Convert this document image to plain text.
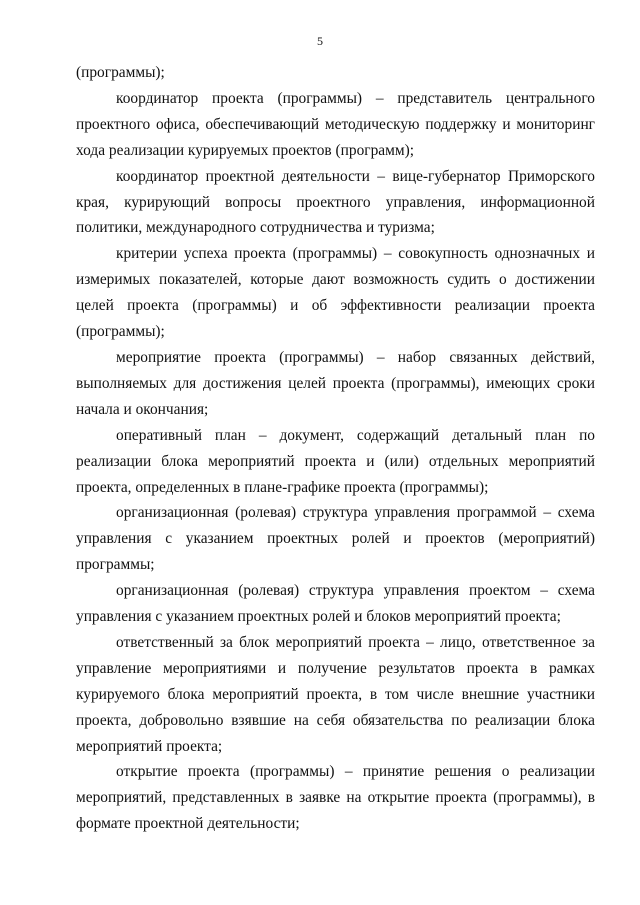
5

(программы);

координатор проекта (программы) – представитель центрального проектного офиса, обеспечивающий методическую поддержку и мониторинг хода реализации курируемых проектов (программ);

координатор проектной деятельности – вице-губернатор Приморского края, курирующий вопросы проектного управления, информационной политики, международного сотрудничества и туризма;

критерии успеха проекта (программы) – совокупность однозначных и измеримых показателей, которые дают возможность судить о достижении целей проекта (программы) и об эффективности реализации проекта (программы);

мероприятие проекта (программы) – набор связанных действий, выполняемых для достижения целей проекта (программы), имеющих сроки начала и окончания;

оперативный план – документ, содержащий детальный план по реализации блока мероприятий проекта и (или) отдельных мероприятий проекта, определенных в плане-графике проекта (программы);

организационная (ролевая) структура управления программой – схема управления с указанием проектных ролей и проектов (мероприятий) программы;

организационная (ролевая) структура управления проектом – схема управления с указанием проектных ролей и блоков мероприятий проекта;

ответственный за блок мероприятий проекта – лицо, ответственное за управление мероприятиями и получение результатов проекта в рамках курируемого блока мероприятий проекта, в том числе внешние участники проекта, добровольно взявшие на себя обязательства по реализации блока мероприятий проекта;

открытие проекта (программы) – принятие решения о реализации мероприятий, представленных в заявке на открытие проекта (программы), в формате проектной деятельности;
